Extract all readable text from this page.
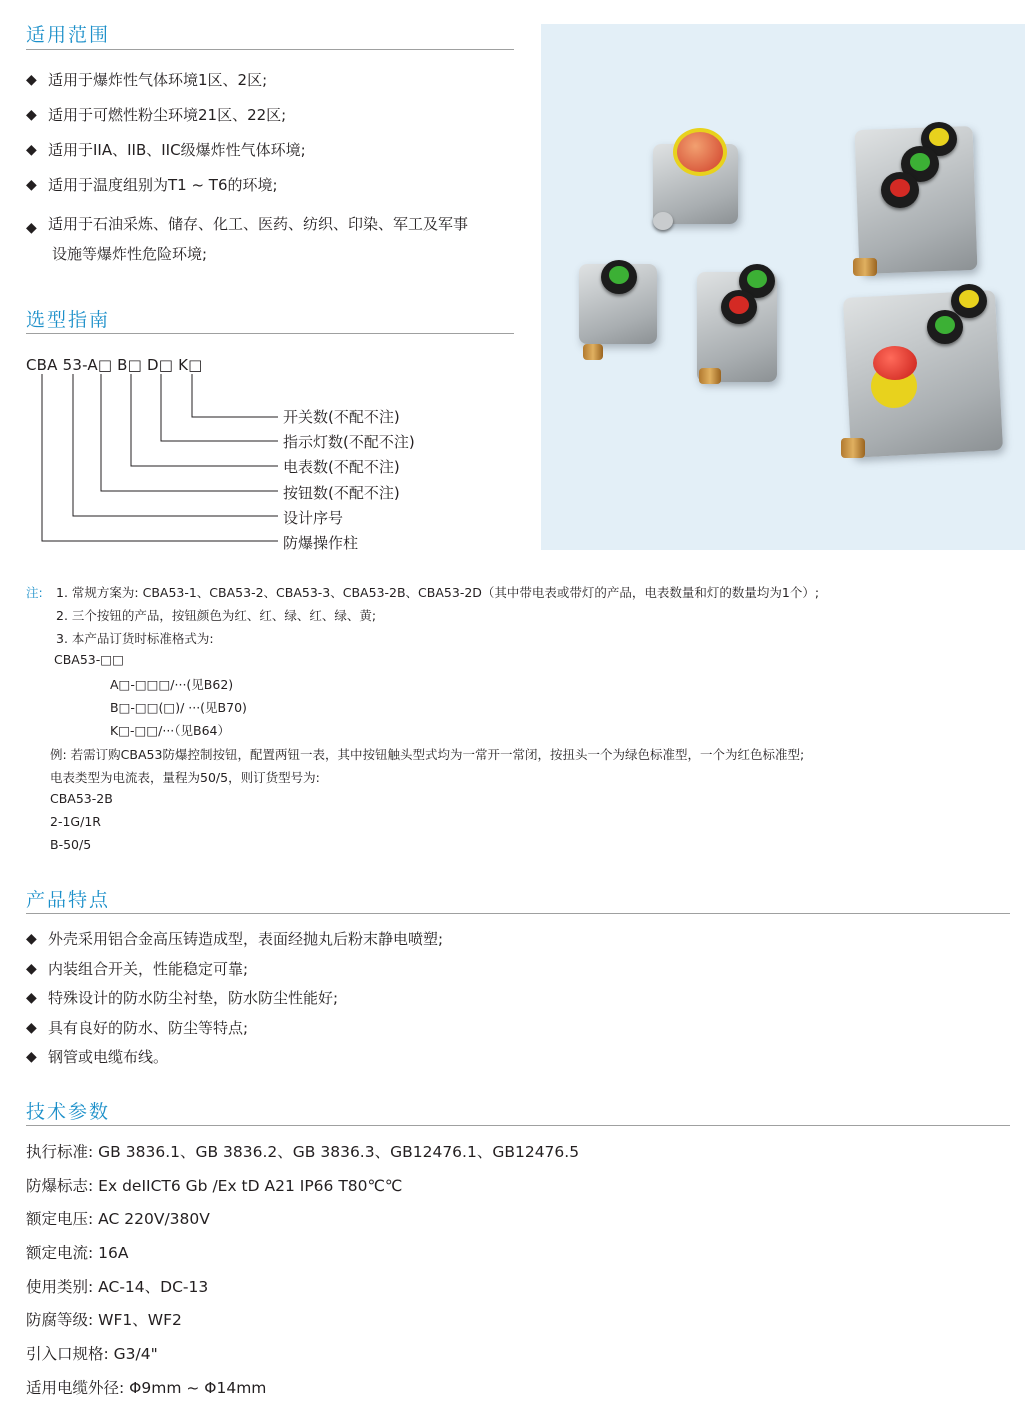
适用范围
◆ 适用于爆炸性气体环境1区、2区;
◆ 适用于可燃性粉尘环境21区、22区;
◆ 适用于IIA、IIB、IIC级爆炸性气体环境;
◆ 适用于温度组别为T1 ~ T6的环境;
◆ 适用于石油采炼、储存、化工、医药、纺织、印染、军工及军事
设施等爆炸性危险环境;
选型指南
CBA 53-A□ B□ D□ K□
开关数(不配不注)
指示灯数(不配不注)
电表数(不配不注)
按钮数(不配不注)
设计序号
防爆操作柱
注: 1. 常规方案为: CBA53-1、CBA53-2、CBA53-3、CBA53-2B、CBA53-2D（其中带电表或带灯的产品，电表数量和灯的数量均为1个）;
2. 三个按钮的产品，按钮颜色为红、红、绿、红、绿、黄;
3. 本产品订货时标准格式为:
CBA53-□□
A□-□□□/···(见B62)
B□-□□(□)/ ···(见B70)
K□-□□/···（见B64）
例: 若需订购CBA53防爆控制按钮，配置两钮一表，其中按钮触头型式均为一常开一常闭，按扭头一个为绿色标准型，一个为红色标准型;
电表类型为电流表，量程为50/5，则订货型号为:
CBA53-2B
2-1G/1R
B-50/5
产品特点
◆ 外壳采用铝合金高压铸造成型，表面经抛丸后粉末静电喷塑;
◆ 内装组合开关，性能稳定可靠;
◆ 特殊设计的防水防尘衬垫，防水防尘性能好;
◆ 具有良好的防水、防尘等特点;
◆ 钢管或电缆布线。
技术参数
执行标准: GB 3836.1、GB 3836.2、GB 3836.3、GB12476.1、GB12476.5
防爆标志: Ex deIICT6 Gb /Ex tD A21 IP66 T80℃℃
额定电压: AC 220V/380V
额定电流: 16A
使用类别: AC-14、DC-13
防腐等级: WF1、WF2
引入口规格: G3/4"
适用电缆外径: Φ9mm ~ Φ14mm
